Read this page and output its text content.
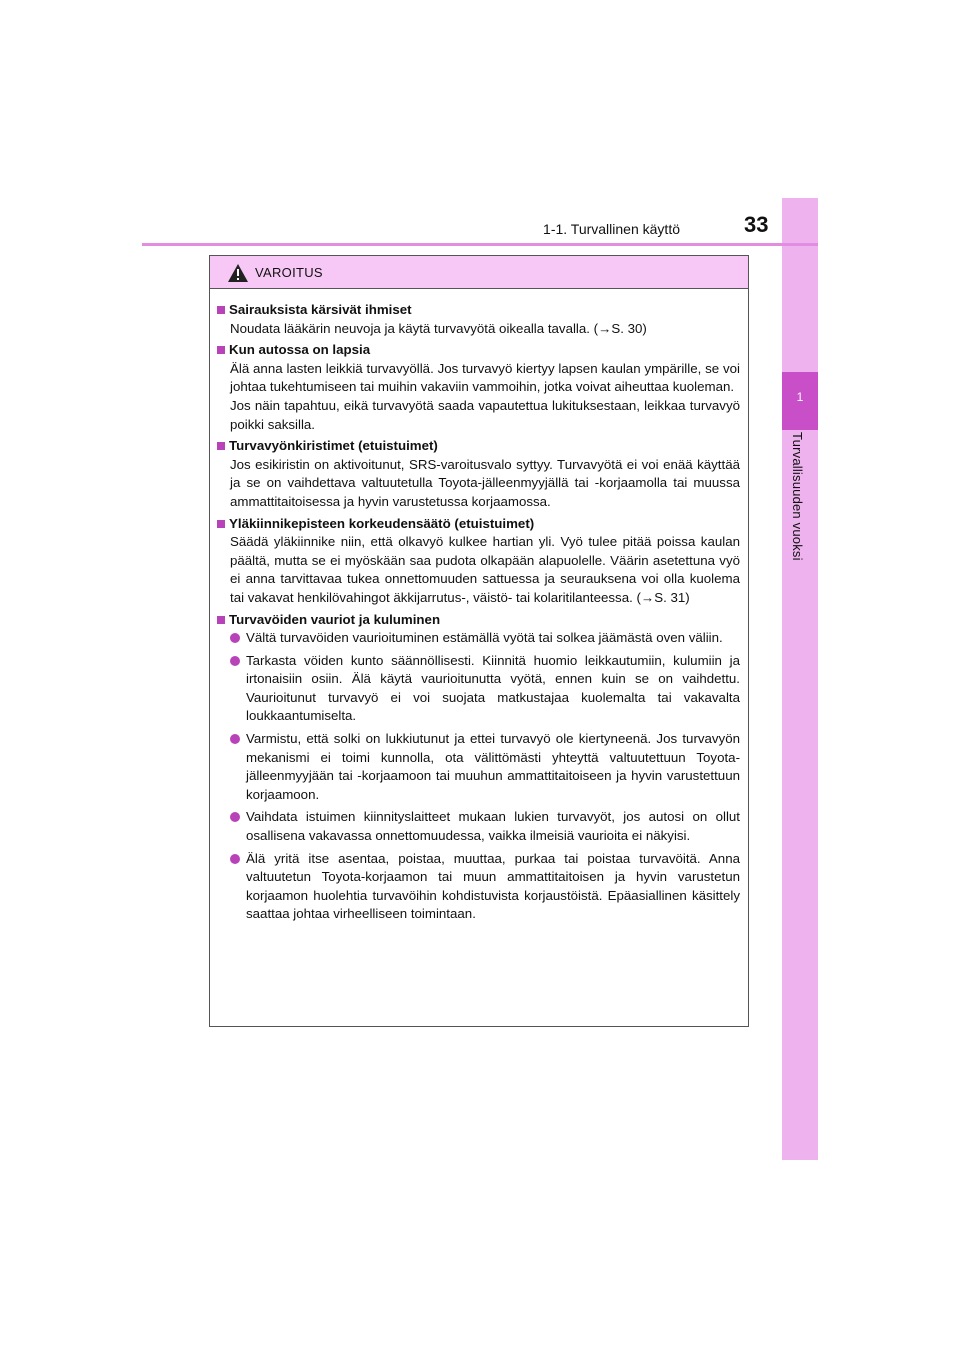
1
Turvallisuuden vuoksi
1-1. Turvallinen käyttö	33
VAROITUS
Sairauksista kärsivät ihmiset
Noudata lääkärin neuvoja ja käytä turvavyötä oikealla tavalla. (→S. 30)
Kun autossa on lapsia
Älä anna lasten leikkiä turvavyöllä. Jos turvavyö kiertyy lapsen kaulan ympärille, se voi johtaa tukehtumiseen tai muihin vakaviin vammoihin, jotka voivat aiheuttaa kuoleman.
Jos näin tapahtuu, eikä turvavyötä saada vapautettua lukituksestaan, leikkaa turvavyö poikki saksilla.
Turvavyönkiristimet (etuistuimet)
Jos esikiristin on aktivoitunut, SRS-varoitusvalo syttyy. Turvavyötä ei voi enää käyttää ja se on vaihdettava valtuutetulla Toyota-jälleenmyyjällä tai -korjaamolla tai muussa ammattitaitoisessa ja hyvin varustetussa korjaamossa.
Yläkiinnikepisteen korkeudensäätö (etuistuimet)
Säädä yläkiinnike niin, että olkavyö kulkee hartian yli. Vyö tulee pitää poissa kaulan päältä, mutta se ei myöskään saa pudota olkapään alapuolelle. Väärin asetettuna vyö ei anna tarvittavaa tukea onnettomuuden sattuessa ja seurauksena voi olla kuolema tai vakavat henkilövahingot äkkijarrutus-, väistö- tai kolaritilanteessa. (→S. 31)
Turvavöiden vauriot ja kuluminen
Vältä turvavöiden vaurioituminen estämällä vyötä tai solkea jäämästä oven väliin.
Tarkasta vöiden kunto säännöllisesti. Kiinnitä huomio leikkautumiin, kulumiin ja irtonaisiin osiin. Älä käytä vaurioitunutta vyötä, ennen kuin se on vaihdettu. Vaurioitunut turvavyö ei voi suojata matkustajaa kuolemalta tai vakavalta loukkaantumiselta.
Varmistu, että solki on lukkiutunut ja ettei turvavyö ole kiertyneenä. Jos turvavyön mekanismi ei toimi kunnolla, ota välittömästi yhteyttä valtuutettuun Toyota-jälleenmyyjään tai -korjaamoon tai muuhun ammattitaitoiseen ja hyvin varustettuun korjaamoon.
Vaihdata istuimen kiinnityslaitteet mukaan lukien turvavyöt, jos autosi on ollut osallisena vakavassa onnettomuudessa, vaikka ilmeisiä vaurioita ei näkyisi.
Älä yritä itse asentaa, poistaa, muuttaa, purkaa tai poistaa turvavöitä. Anna valtuutetun Toyota-korjaamon tai muun ammattitaitoisen ja hyvin varustetun korjaamon huolehtia turvavöihin kohdistuvista korjaustöistä. Epäasiallinen käsittely saattaa johtaa virheelliseen toimintaan.
